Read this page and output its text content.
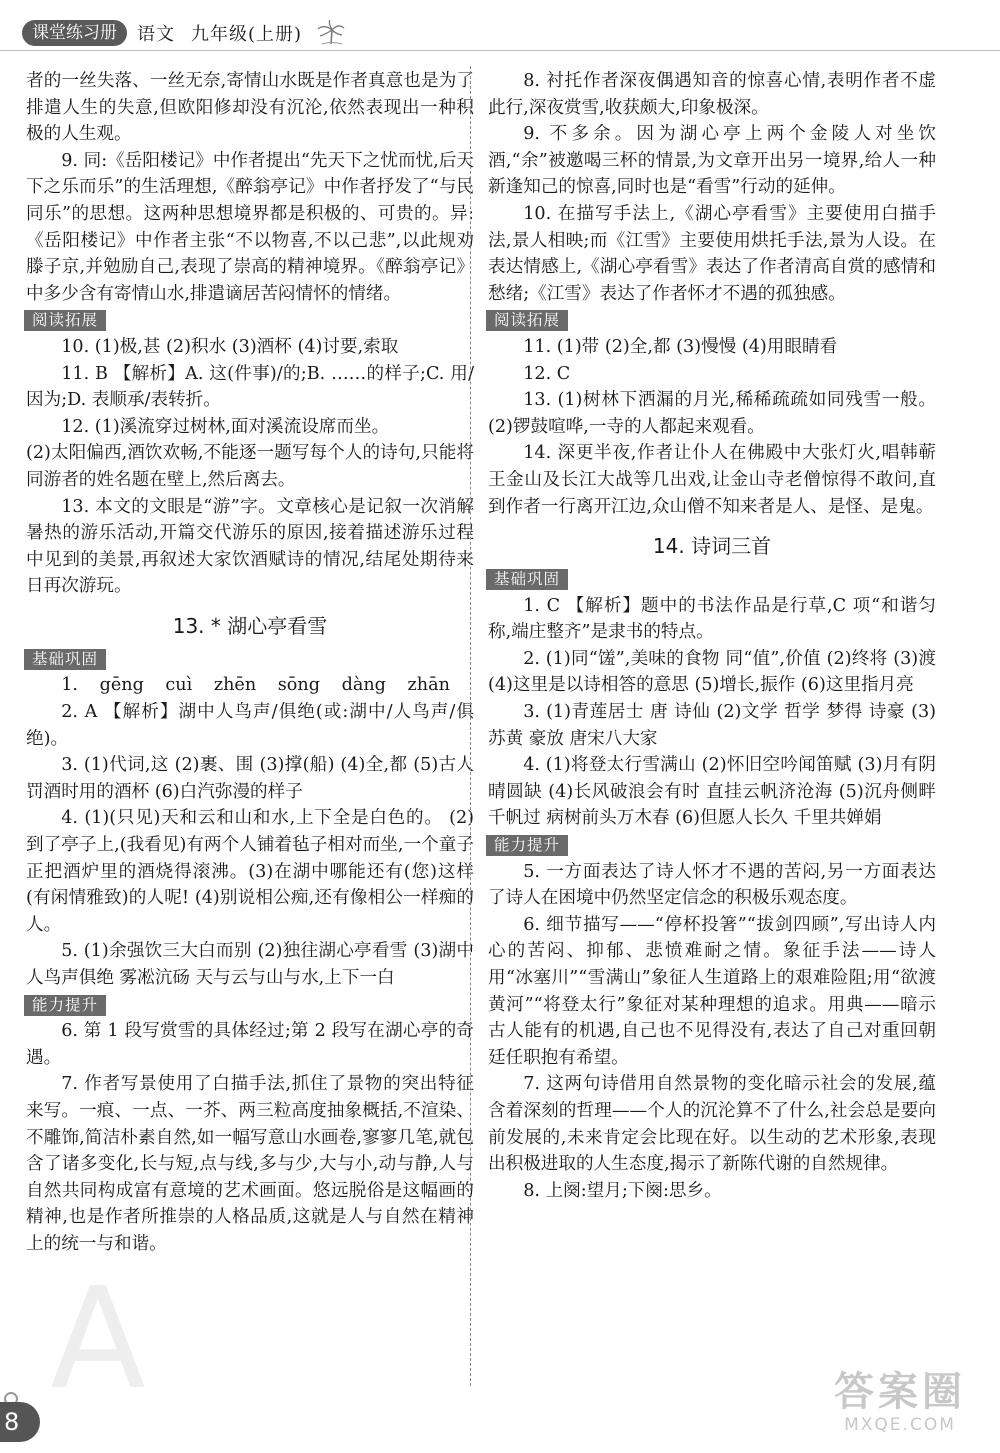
课堂练习册	语文 九年级(上册)
A

者的一丝失落、一丝无奈,寄情山水既是作者真意也是为了排遣人生的失意,但欧阳修却没有沉沦,依然表现出一种积极的人生观。

9. 同:《岳阳楼记》中作者提出“先天下之忧而忧,后天下之乐而乐”的生活理想,《醉翁亭记》中作者抒发了“与民同乐”的思想。这两种思想境界都是积极的、可贵的。异:《岳阳楼记》中作者主张“不以物喜,不以己悲”,以此规劝滕子京,并勉励自己,表现了崇高的精神境界。《醉翁亭记》中多少含有寄情山水,排遣谪居苦闷情怀的情绪。

阅读拓展

10. (1)极,甚 (2)积水 (3)酒杯 (4)讨要,索取

11. B 【解析】A. 这(件事)/的;B. ……的样子;C. 用/因为;D. 表顺承/表转折。

12. (1)溪流穿过树林,面对溪流设席而坐。

(2)太阳偏西,酒饮欢畅,不能逐一题写每个人的诗句,只能将同游者的姓名题在壁上,然后离去。

13. 本文的文眼是“游”字。文章核心是记叙一次消解暑热的游乐活动,开篇交代游乐的原因,接着描述游乐过程中见到的美景,再叙述大家饮酒赋诗的情况,结尾处期待来日再次游玩。

13. * 湖心亭看雪
基础巩固

1. gēng cuì zhēn sōng dàng zhān

2. A 【解析】湖中人鸟声/俱绝(或:湖中/人鸟声/俱绝)。

3. (1)代词,这 (2)裹、围 (3)撑(船) (4)全,都 (5)古人罚酒时用的酒杯 (6)白汽弥漫的样子

4. (1)(只见)天和云和山和水,上下全是白色的。 (2)到了亭子上,(我看见)有两个人铺着毡子相对而坐,一个童子正把酒炉里的酒烧得滚沸。(3)在湖中哪能还有(您)这样(有闲情雅致)的人呢! (4)别说相公痴,还有像相公一样痴的人。

5. (1)余强饮三大白而别 (2)独往湖心亭看雪 (3)湖中人鸟声俱绝 雾凇沆砀 天与云与山与水,上下一白

能力提升

6. 第 1 段写赏雪的具体经过;第 2 段写在湖心亭的奇遇。

7. 作者写景使用了白描手法,抓住了景物的突出特征来写。一痕、一点、一芥、两三粒高度抽象概括,不渲染、不雕饰,简洁朴素自然,如一幅写意山水画卷,寥寥几笔,就包含了诸多变化,长与短,点与线,多与少,大与小,动与静,人与自然共同构成富有意境的艺术画面。悠远脱俗是这幅画的精神,也是作者所推崇的人格品质,这就是人与自然在精神上的统一与和谐。

8. 衬托作者深夜偶遇知音的惊喜心情,表明作者不虚此行,深夜赏雪,收获颇大,印象极深。

9. 不多余。因为湖心亭上两个金陵人对坐饮酒,“余”被邀喝三杯的情景,为文章开出另一境界,给人一种新逢知己的惊喜,同时也是“看雪”行动的延伸。

10. 在描写手法上,《湖心亭看雪》主要使用白描手法,景人相映;而《江雪》主要使用烘托手法,景为人设。在表达情感上,《湖心亭看雪》表达了作者清高自赏的感情和愁绪;《江雪》表达了作者怀才不遇的孤独感。

阅读拓展

11. (1)带 (2)全,都 (3)慢慢 (4)用眼睛看

12. C

13. (1)树林下洒漏的月光,稀稀疏疏如同残雪一般。 (2)锣鼓喧哗,一寺的人都起来观看。

14. 深更半夜,作者让仆人在佛殿中大张灯火,唱韩蕲王金山及长江大战等几出戏,让金山寺老僧惊得不敢问,直到作者一行离开江边,众山僧不知来者是人、是怪、是鬼。

14. 诗词三首
基础巩固

1. C 【解析】题中的书法作品是行草,C 项“和谐匀称,端庄整齐”是隶书的特点。

2. (1)同“馐”,美味的食物 同“值”,价值 (2)终将 (3)渡 (4)这里是以诗相答的意思 (5)增长,振作 (6)这里指月亮

3. (1)青莲居士 唐 诗仙 (2)文学 哲学 梦得 诗豪 (3)苏黄 豪放 唐宋八大家

4. (1)将登太行雪满山 (2)怀旧空吟闻笛赋 (3)月有阴晴圆缺 (4)长风破浪会有时 直挂云帆济沧海 (5)沉舟侧畔千帆过 病树前头万木春 (6)但愿人长久 千里共婵娟

能力提升

5. 一方面表达了诗人怀才不遇的苦闷,另一方面表达了诗人在困境中仍然坚定信念的积极乐观态度。

6. 细节描写——“停杯投箸”“拔剑四顾”,写出诗人内心的苦闷、抑郁、悲愤难耐之情。象征手法——诗人用“冰塞川”“雪满山”象征人生道路上的艰难险阻;用“欲渡黄河”“将登太行”象征对某种理想的追求。用典——暗示古人能有的机遇,自己也不见得没有,表达了自己对重回朝廷任职抱有希望。

7. 这两句诗借用自然景物的变化暗示社会的发展,蕴含着深刻的哲理——个人的沉沦算不了什么,社会总是要向前发展的,未来肯定会比现在好。以生动的艺术形象,表现出积极进取的人生态度,揭示了新陈代谢的自然规律。

8. 上阕:望月;下阕:思乡。

8
答案圈
MXQE.COM
